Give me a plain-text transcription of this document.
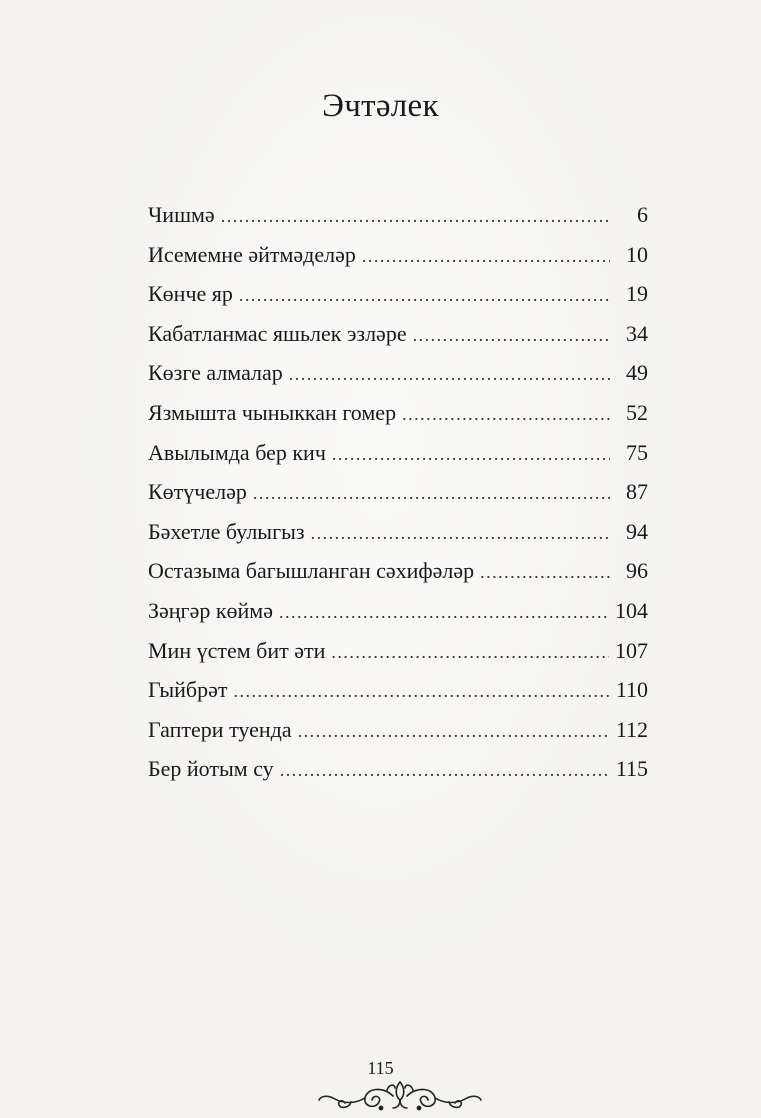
Эчтәлек
Чишмә .....	6
Исемемне әйтмәделәр .....	10
Көнче яр .....	19
Кабатланмас яшьлек эзләре .....	34
Көзге алмалар .....	49
Язмышта чыныккан гомер .....	52
Авылымда бер кич .....	75
Көтүчеләр .....	87
Бәхетле булыгыз .....	94
Остазыма багышланган сәхифәләр .....	96
Зәңгәр көймә .....	104
Мин үстем бит әти .....	107
Гыйбрәт .....	110
Гаптери туенда .....	112
Бер йотым су .....	115
115
